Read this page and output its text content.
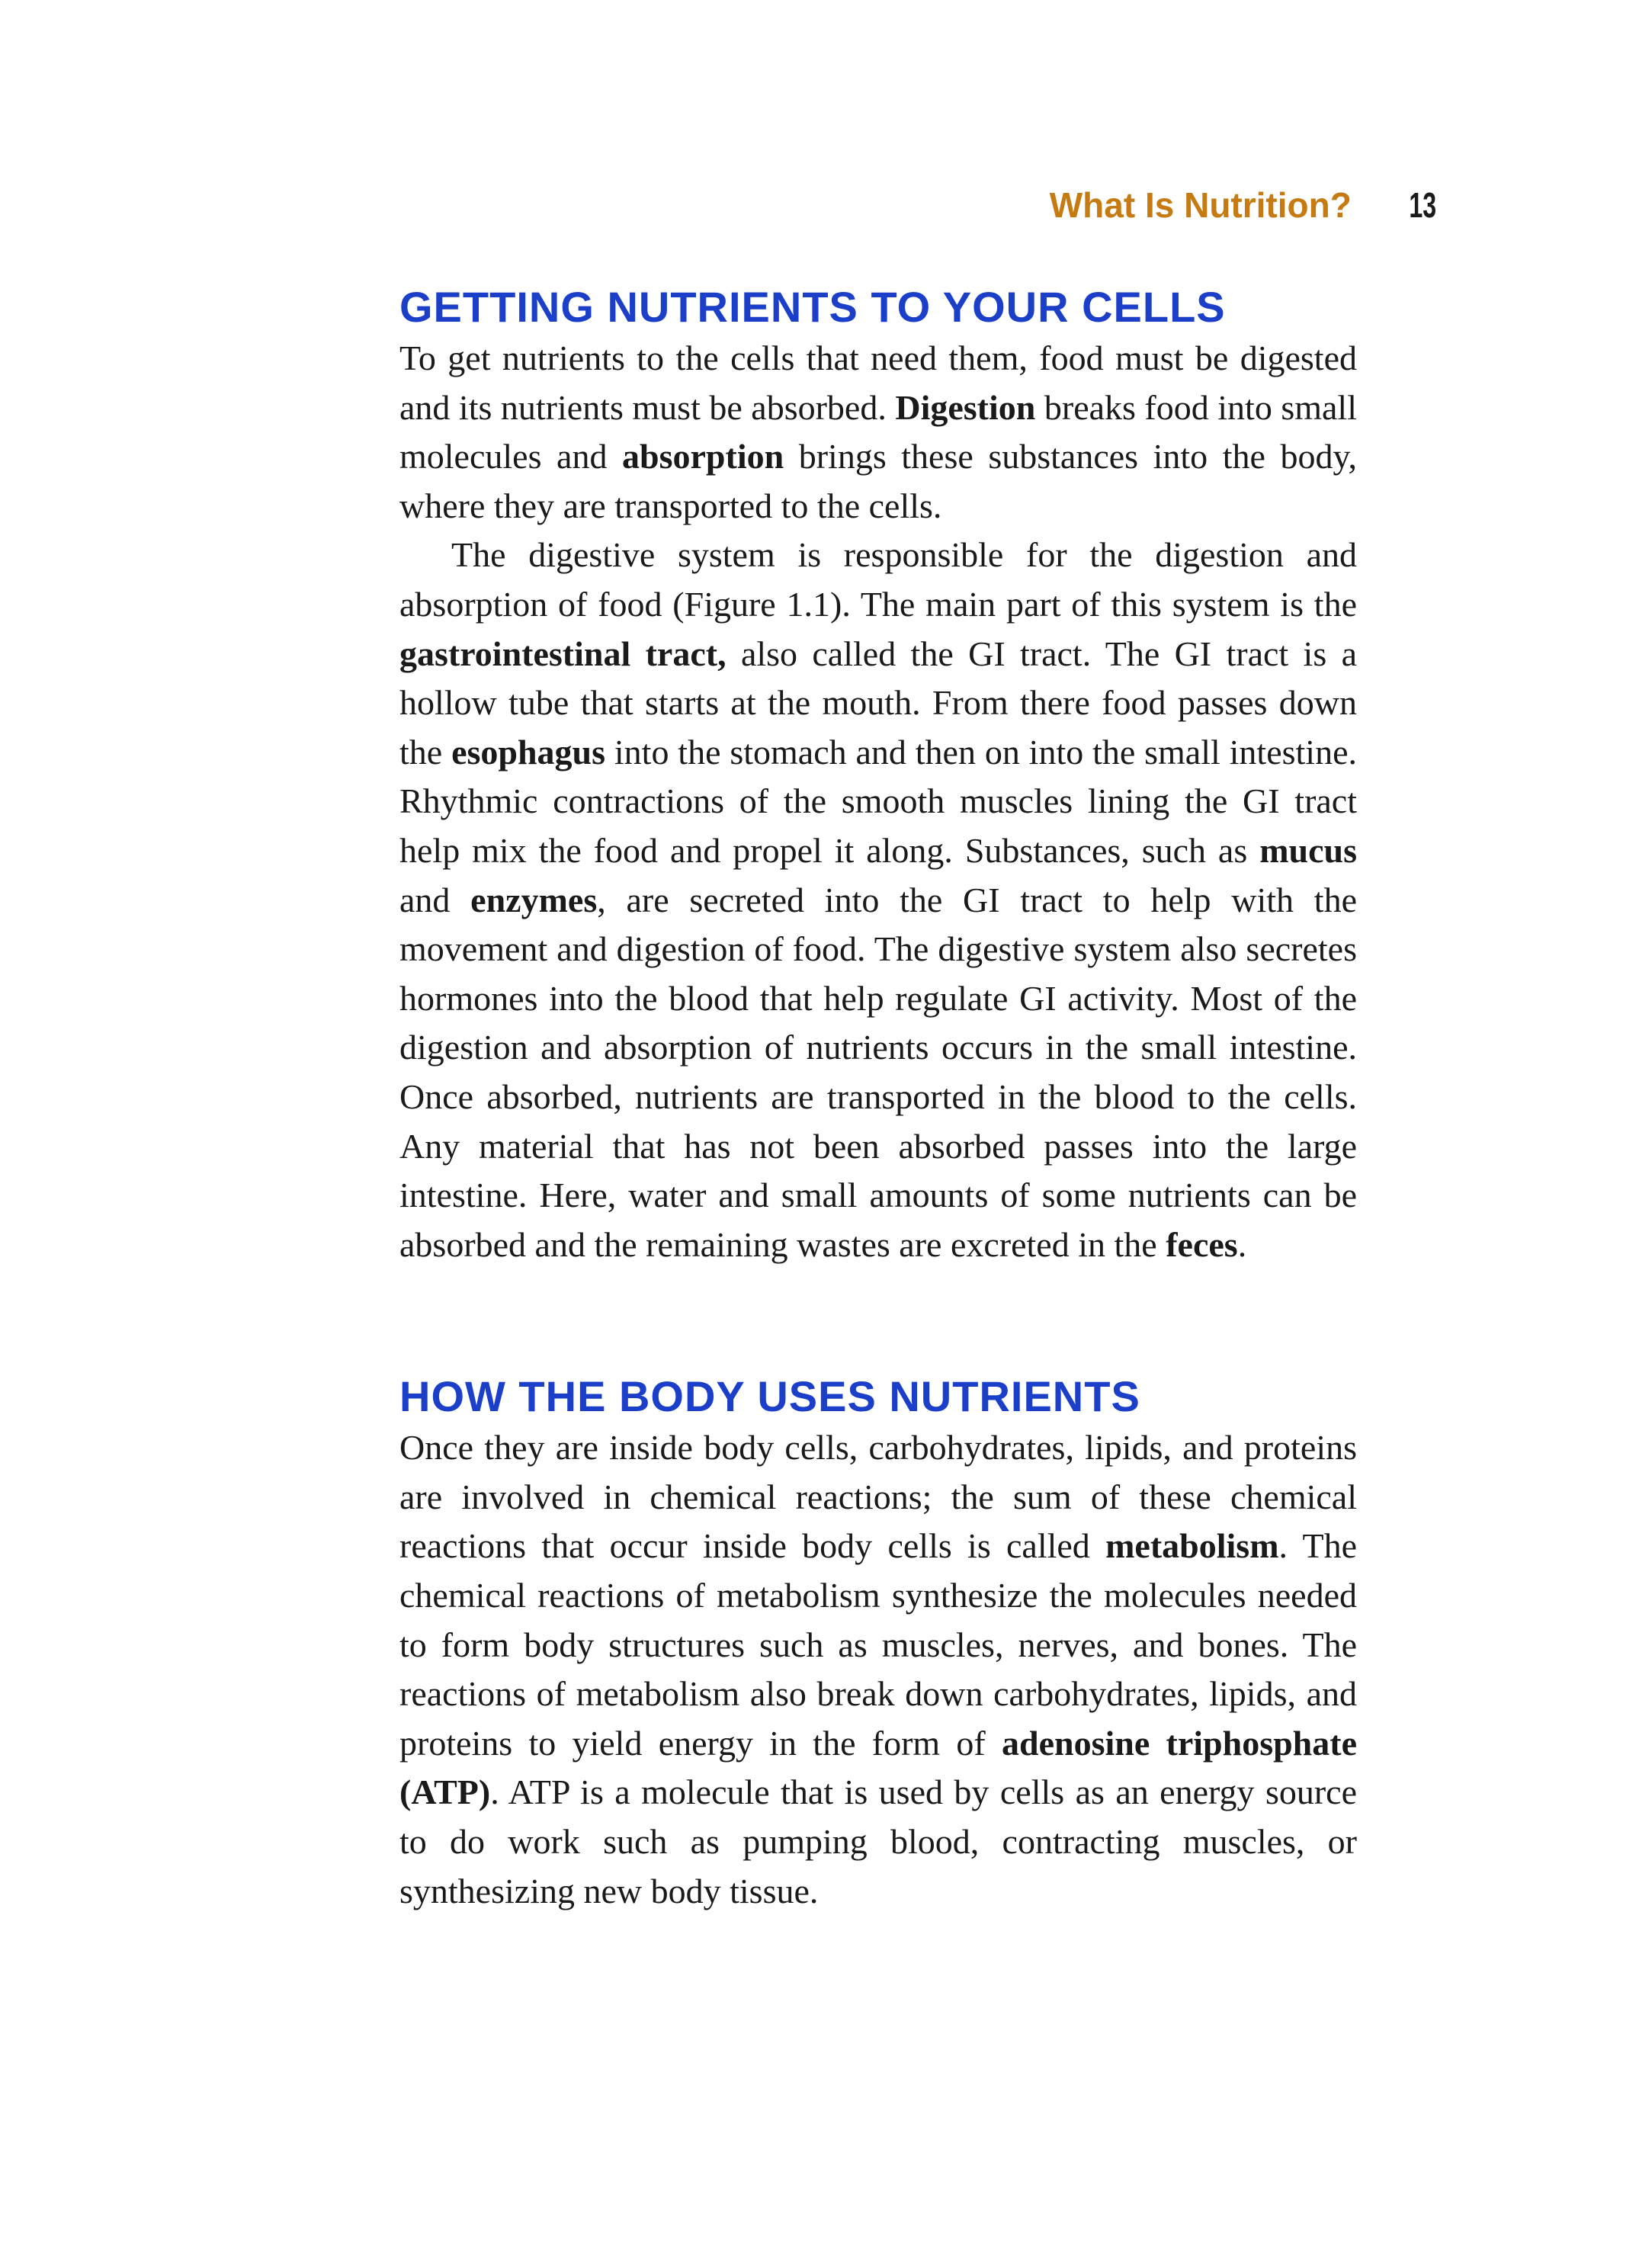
What Is Nutrition? 13
GETTING NUTRIENTS TO YOUR CELLS

To get nutrients to the cells that need them, food must be digested and its nutrients must be absorbed. Digestion breaks food into small molecules and absorption brings these substances into the body, where they are transported to the cells.

The digestive system is responsible for the digestion and absorption of food (Figure 1.1). The main part of this system is the gastrointestinal tract, also called the GI tract. The GI tract is a hollow tube that starts at the mouth. From there food passes down the esophagus into the stomach and then on into the small intestine. Rhythmic contractions of the smooth muscles lining the GI tract help mix the food and propel it along. Substances, such as mucus and enzymes, are secreted into the GI tract to help with the movement and digestion of food. The digestive system also secretes hormones into the blood that help regulate GI activity. Most of the digestion and absorption of nutrients occurs in the small intestine. Once absorbed, nutrients are transported in the blood to the cells. Any material that has not been absorbed passes into the large intestine. Here, water and small amounts of some nutrients can be absorbed and the remaining wastes are excreted in the feces.

HOW THE BODY USES NUTRIENTS

Once they are inside body cells, carbohydrates, lipids, and proteins are involved in chemical reactions; the sum of these chemical reactions that occur inside body cells is called metabolism. The chemical reactions of metabolism synthesize the molecules needed to form body structures such as muscles, nerves, and bones. The reactions of metabolism also break down carbohydrates, lipids, and proteins to yield energy in the form of adenosine triphosphate (ATP). ATP is a molecule that is used by cells as an energy source to do work such as pumping blood, contracting muscles, or synthesizing new body tissue.
